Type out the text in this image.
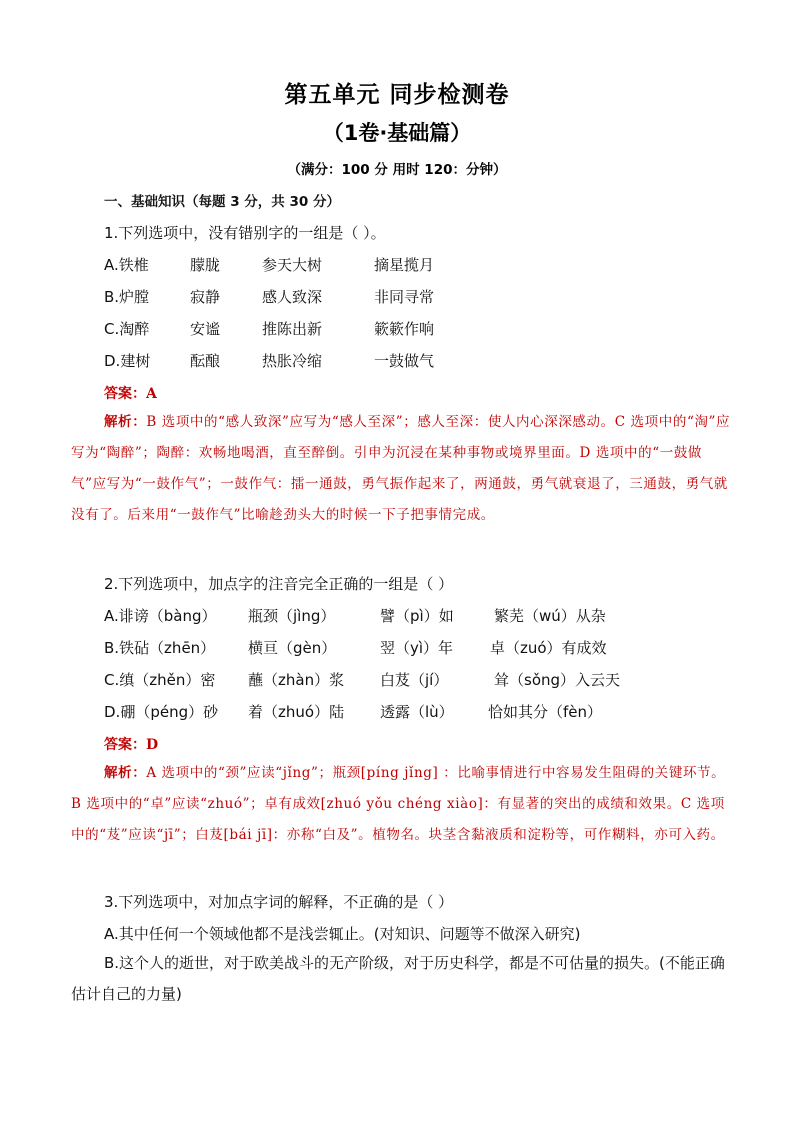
第五单元 同步检测卷
（1卷·基础篇）
（满分：100 分 用时 120：分钟）
一、基础知识（每题 3 分，共 30 分）
1.下列选项中，没有错别字的一组是（ ）。
A.铁椎	朦胧	参天大树	摘星揽月
B.炉膛	寂静	感人致深	非同寻常
C.淘醉	安谧	推陈出新	簌簌作响
D.建树	酝酿	热胀冷缩	一鼓做气
答案：A

解析：B 选项中的“感人致深”应写为“感人至深”；感人至深：使人内心深深感动。C 选项中的“淘”应写为“陶醉”；陶醉：欢畅地喝酒，直至醉倒。引申为沉浸在某种事物或境界里面。D 选项中的“一鼓做气”应写为“一鼓作气”；一鼓作气：擂一通鼓，勇气振作起来了，两通鼓，勇气就衰退了，三通鼓，勇气就没有了。后来用“一鼓作气”比喻趁劲头大的时候一下子把事情完成。

2.下列选项中，加点字的注音完全正确的一组是（ ）
A.诽谤（bàng） 瓶颈（jìng）	譬（pì）如	繁芜（wú）从杂
B.铁砧（zhēn） 横亘（gèn）	翌（yì）年 卓（zuó）有成效
C.缜（zhěn）密 蘸（zhàn）浆 白芨（jí）	耸（sǒng）入云天
D.硼（péng）砂 着（zhuó）陆 透露（lù） 恰如其分（fèn）
答案：D

解析：A 选项中的“颈”应读“jǐng”；瓶颈[píng jǐng] ：比喻事情进行中容易发生阻碍的关键环节。 B 选项中的“卓”应读“zhuó”；卓有成效[zhuó yǒu chéng xiào]：有显著的突出的成绩和效果。C 选项中的“芨”应读“jī”；白芨[bái jī]：亦称“白及”。植物名。块茎含黏液质和淀粉等，可作糊料，亦可入药。

3.下列选项中，对加点字词的解释，不正确的是（ ）
A.其中任何一个领域他都不是浅尝辄止。(对知识、问题等不做深入研究)

B.这个人的逝世，对于欧美战斗的无产阶级，对于历史科学，都是不可估量的损失。(不能正确估计自己的力量)
